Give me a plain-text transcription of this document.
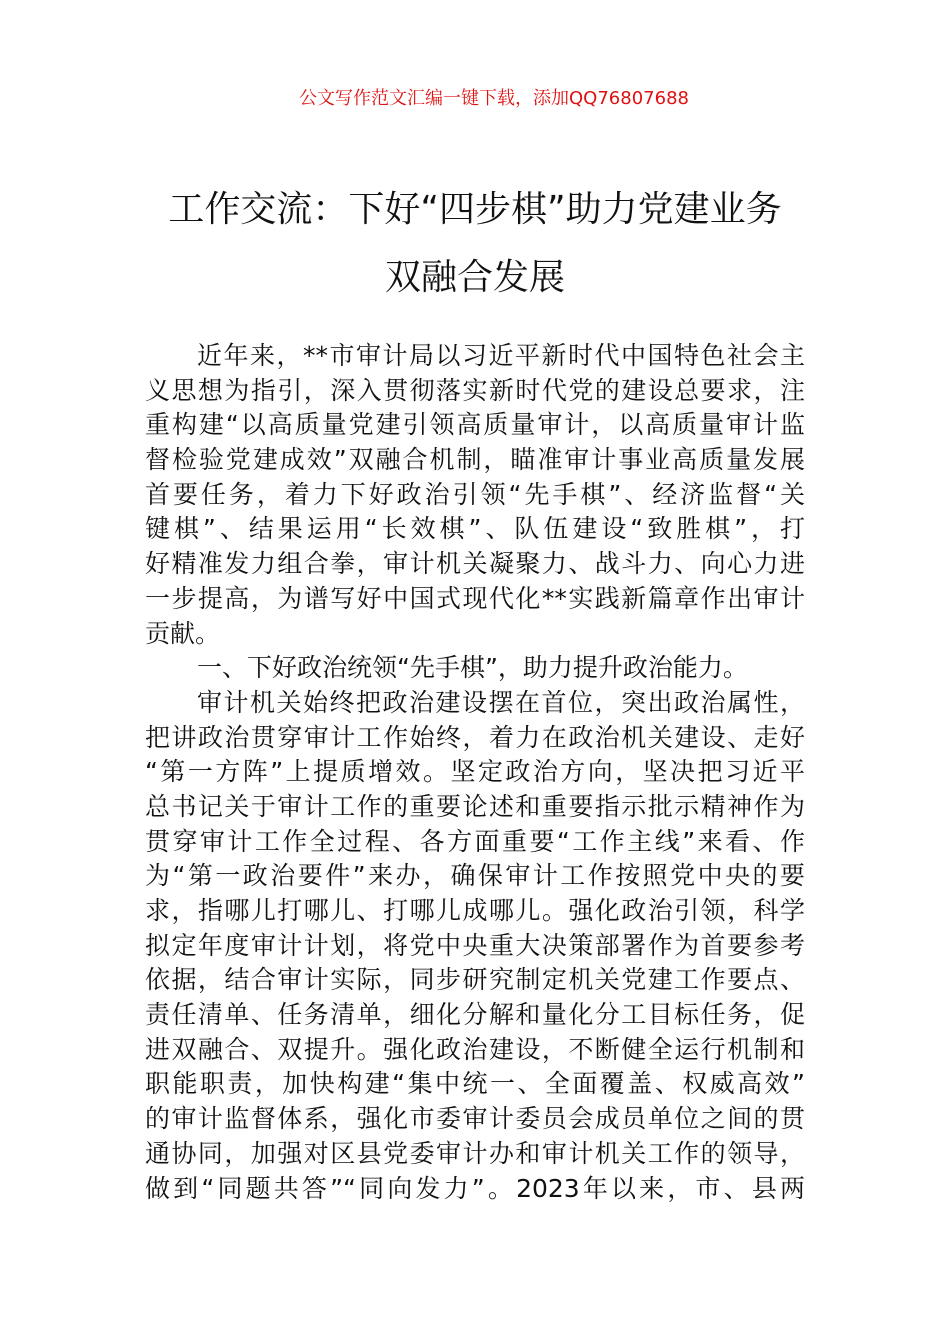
公文写作范文汇编一键下载，添加QQ76807688
工作交流：下好“四步棋”助力党建业务
双融合发展
近年来，**市审计局以习近平新时代中国特色社会主
义思想为指引，深入贯彻落实新时代党的建设总要求，注
重构建“以高质量党建引领高质量审计，以高质量审计监
督检验党建成效”双融合机制，瞄准审计事业高质量发展
首要任务，着力下好政治引领“先手棋”、经济监督“关
键棋”、结果运用“长效棋”、队伍建设“致胜棋”，打
好精准发力组合拳，审计机关凝聚力、战斗力、向心力进
一步提高，为谱写好中国式现代化**实践新篇章作出审计
贡献。
一、下好政治统领“先手棋”，助力提升政治能力。
审计机关始终把政治建设摆在首位，突出政治属性，
把讲政治贯穿审计工作始终，着力在政治机关建设、走好
“第一方阵”上提质增效。坚定政治方向，坚决把习近平
总书记关于审计工作的重要论述和重要指示批示精神作为
贯穿审计工作全过程、各方面重要“工作主线”来看、作
为“第一政治要件”来办，确保审计工作按照党中央的要
求，指哪儿打哪儿、打哪儿成哪儿。强化政治引领，科学
拟定年度审计计划，将党中央重大决策部署作为首要参考
依据，结合审计实际，同步研究制定机关党建工作要点、
责任清单、任务清单，细化分解和量化分工目标任务，促
进双融合、双提升。强化政治建设，不断健全运行机制和
职能职责，加快构建“集中统一、全面覆盖、权威高效”
的审计监督体系，强化市委审计委员会成员单位之间的贯
通协同，加强对区县党委审计办和审计机关工作的领导，
做到“同题共答”“同向发力”。2023年以来，市、县两
